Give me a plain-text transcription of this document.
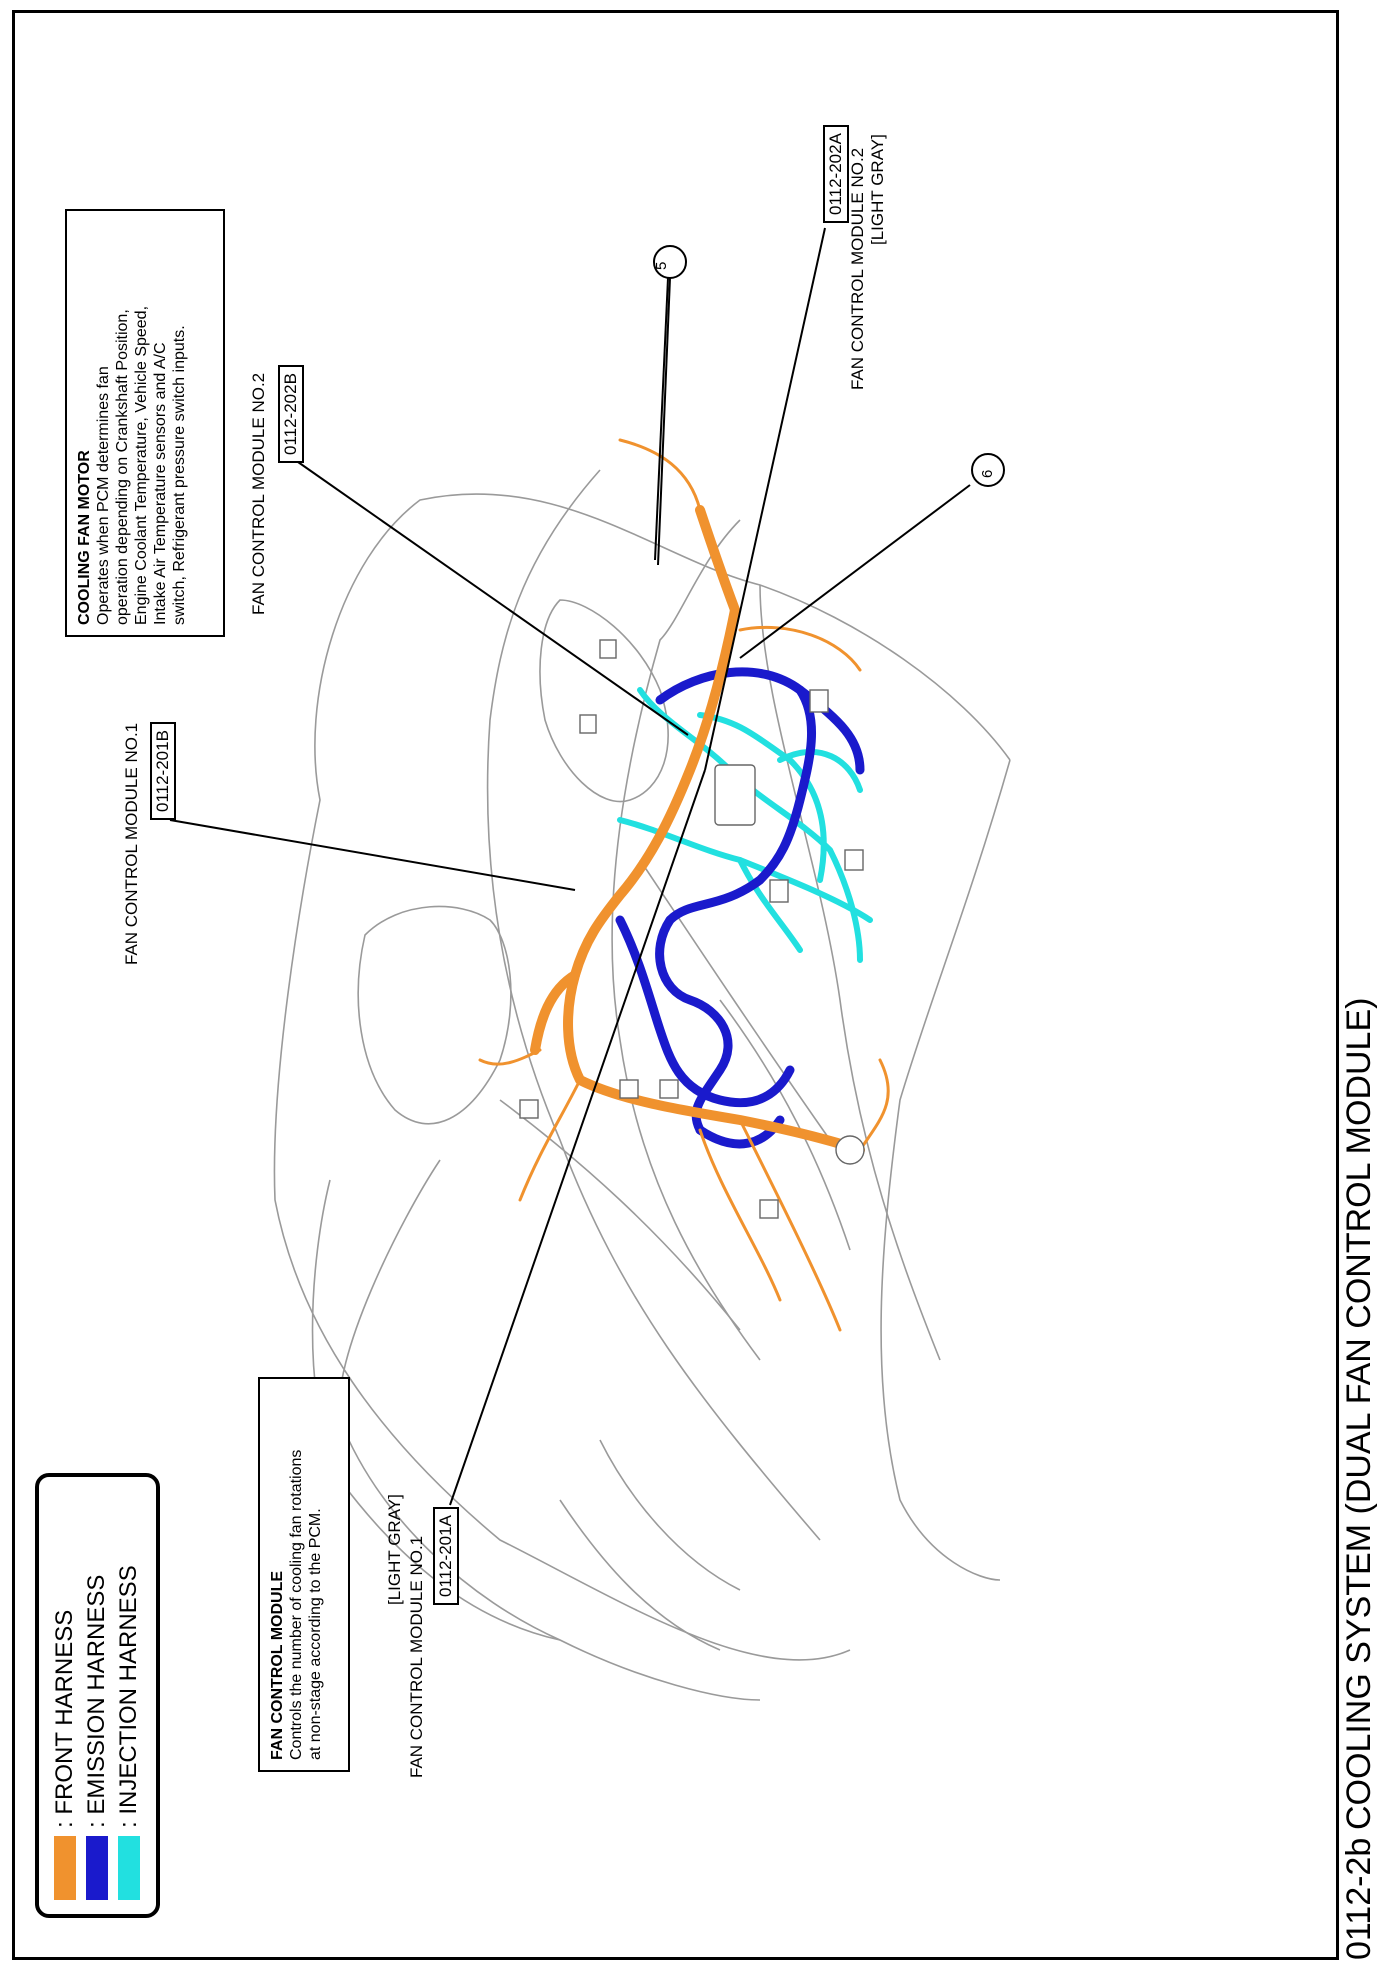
COOLING SYSTEM (DUAL FAN CONTROL MODULE)
0112-2b
5
6
0112-202A FAN CONTROL MODULE NO.2 [LIGHT GRAY]
0112-202B
FAN CONTROL MODULE NO.2
0112-201B
FAN CONTROL MODULE NO.1
0112-201A
FAN CONTROL MODULE NO.1
[LIGHT GRAY]
COOLING FAN MOTOR Operates when PCM determines fan operation depending on Crankshaft Position, Engine Coolant Temperature, Vehicle Speed, Intake Air Temperature sensors and A/C switch, Refrigerant pressure switch inputs.
FAN CONTROL MODULE Controls the number of cooling fan rotations at non-stage according to the PCM.
: FRONT HARNESS : EMISSION HARNESS : INJECTION HARNESS
